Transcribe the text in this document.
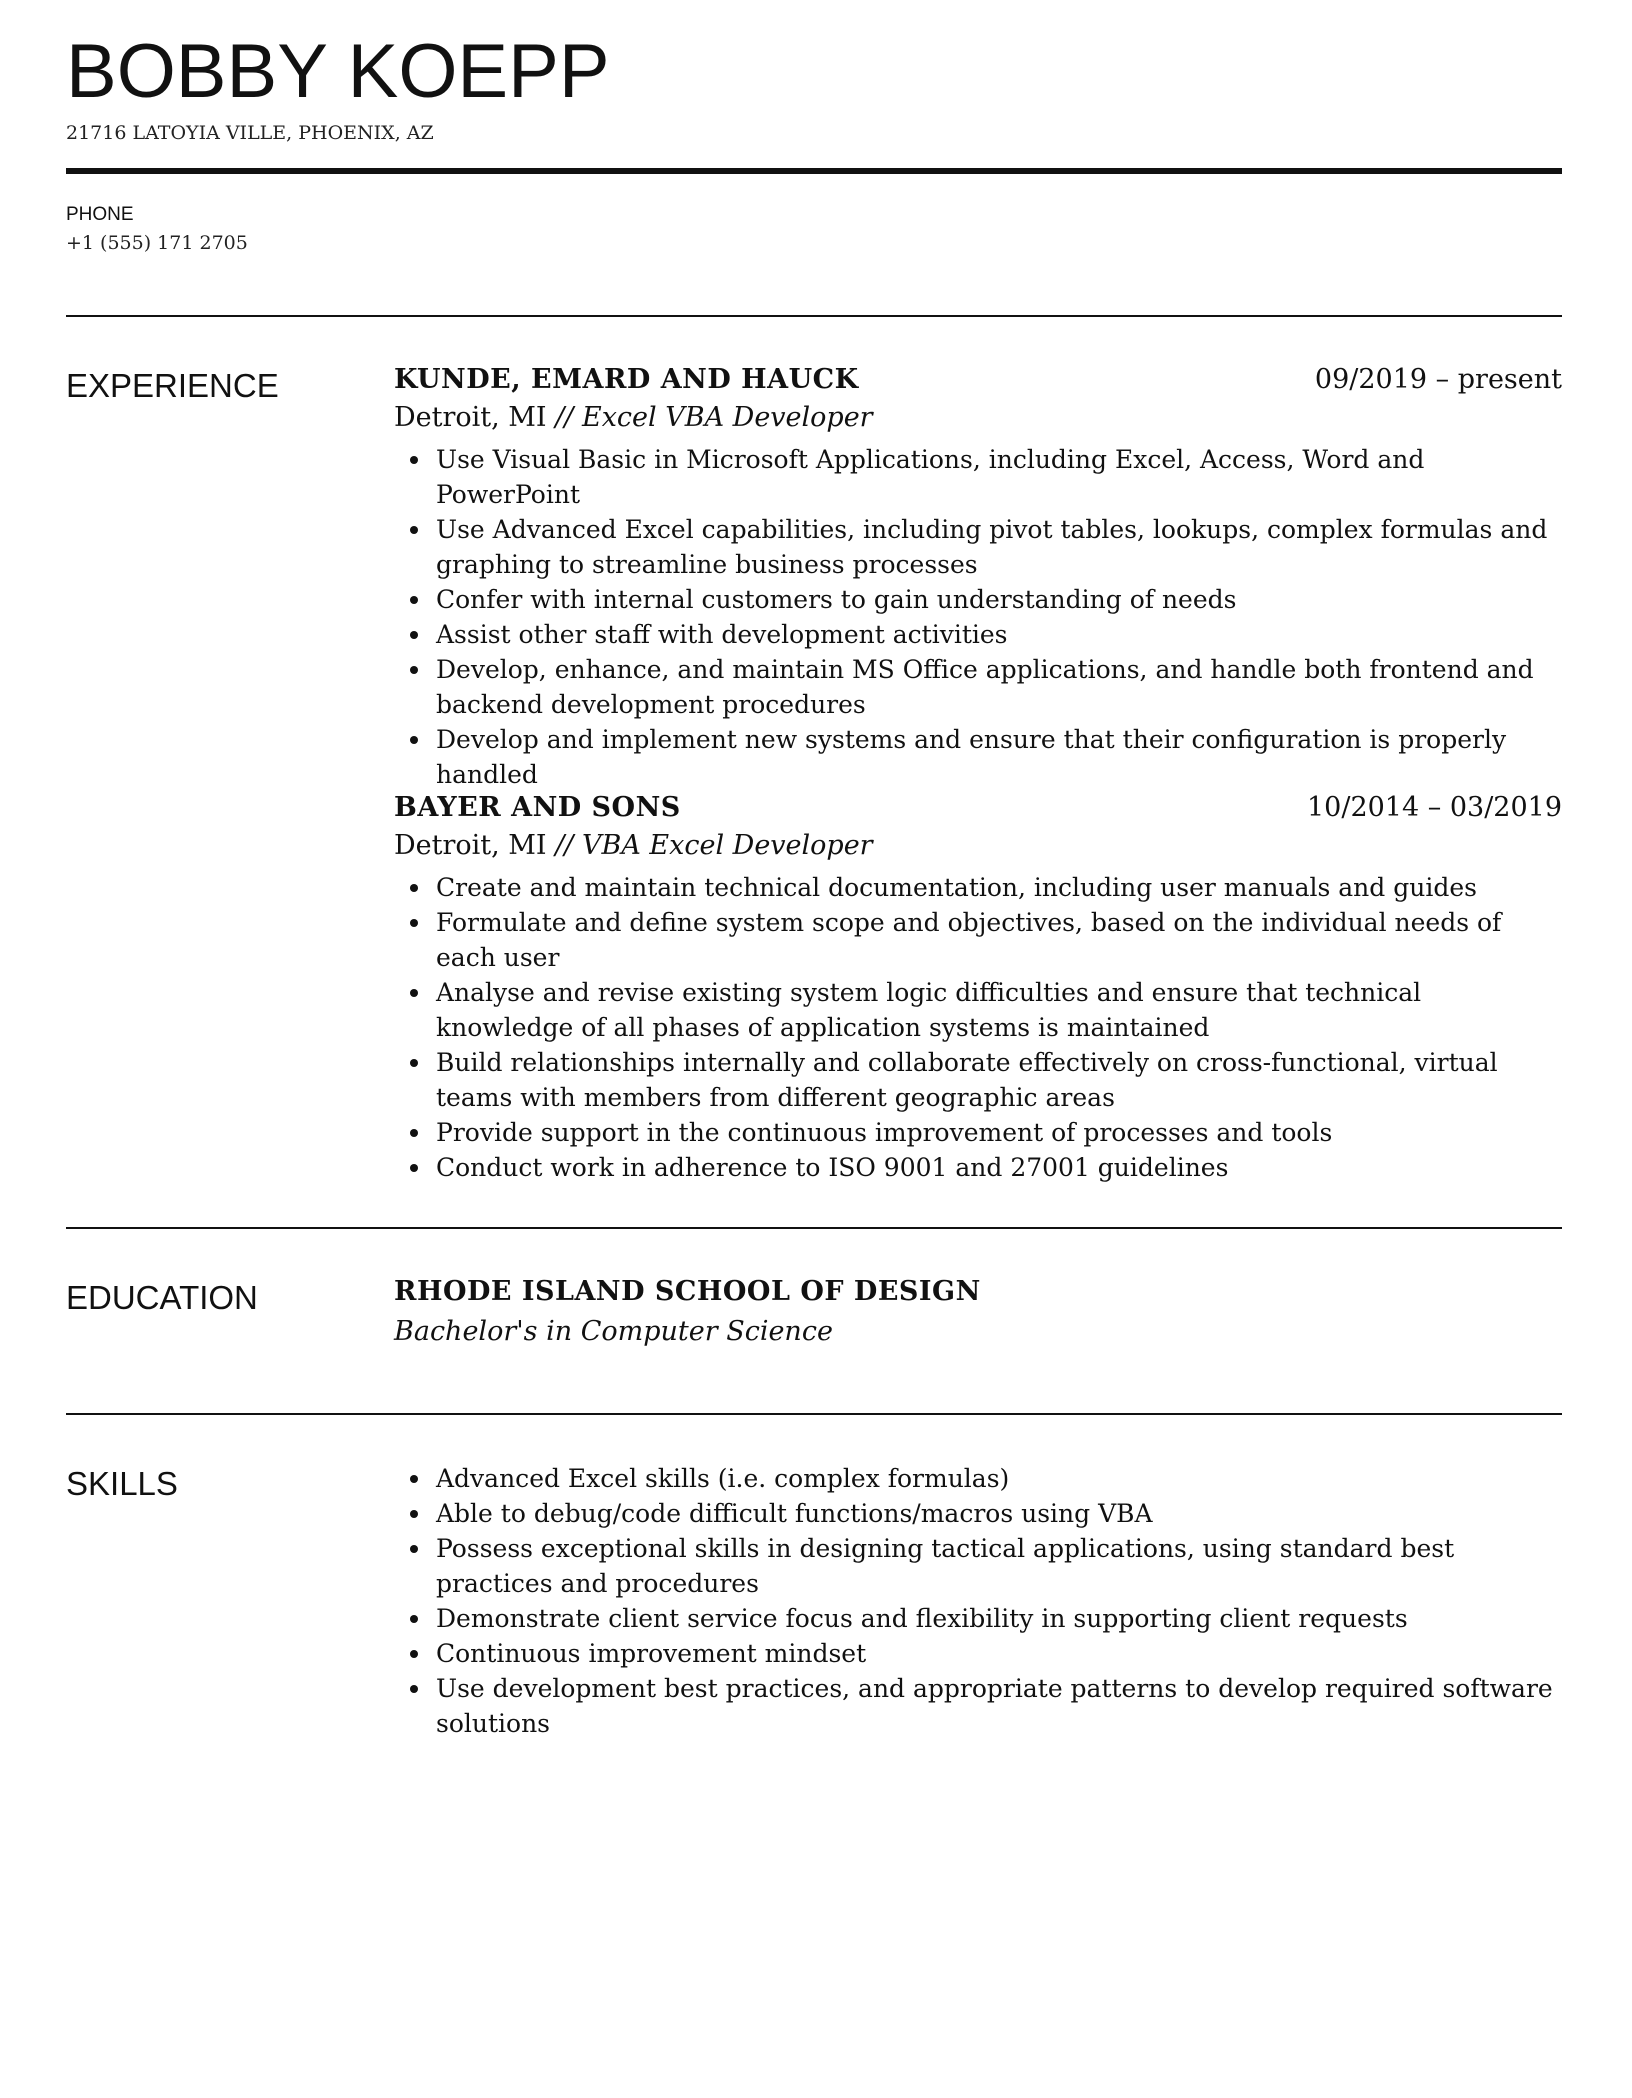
BOBBY KOEPP
21716 LATOYIA VILLE, PHOENIX, AZ
PHONE
+1 (555) 171 2705
EXPERIENCE	KUNDE, EMARD AND HAUCK	09/2019 – present
Detroit, MI // Excel VBA Developer
Use Visual Basic in Microsoft Applications, including Excel, Access, Word and PowerPoint
Use Advanced Excel capabilities, including pivot tables, lookups, complex formulas and graphing to streamline business processes
Confer with internal customers to gain understanding of needs
Assist other staff with development activities
Develop, enhance, and maintain MS Office applications, and handle both frontend and backend development procedures
Develop and implement new systems and ensure that their configuration is properly handled
BAYER AND SONS	10/2014 – 03/2019
Detroit, MI // VBA Excel Developer
Create and maintain technical documentation, including user manuals and guides
Formulate and define system scope and objectives, based on the individual needs of each user
Analyse and revise existing system logic difficulties and ensure that technical knowledge of all phases of application systems is maintained
Build relationships internally and collaborate effectively on cross-functional, virtual teams with members from different geographic areas
Provide support in the continuous improvement of processes and tools
Conduct work in adherence to ISO 9001 and 27001 guidelines
EDUCATION	RHODE ISLAND SCHOOL OF DESIGN
Bachelor's in Computer Science
SKILLS	Advanced Excel skills (i.e. complex formulas)
Able to debug/code difficult functions/macros using VBA
Possess exceptional skills in designing tactical applications, using standard best practices and procedures
Demonstrate client service focus and flexibility in supporting client requests
Continuous improvement mindset
Use development best practices, and appropriate patterns to develop required software solutions
